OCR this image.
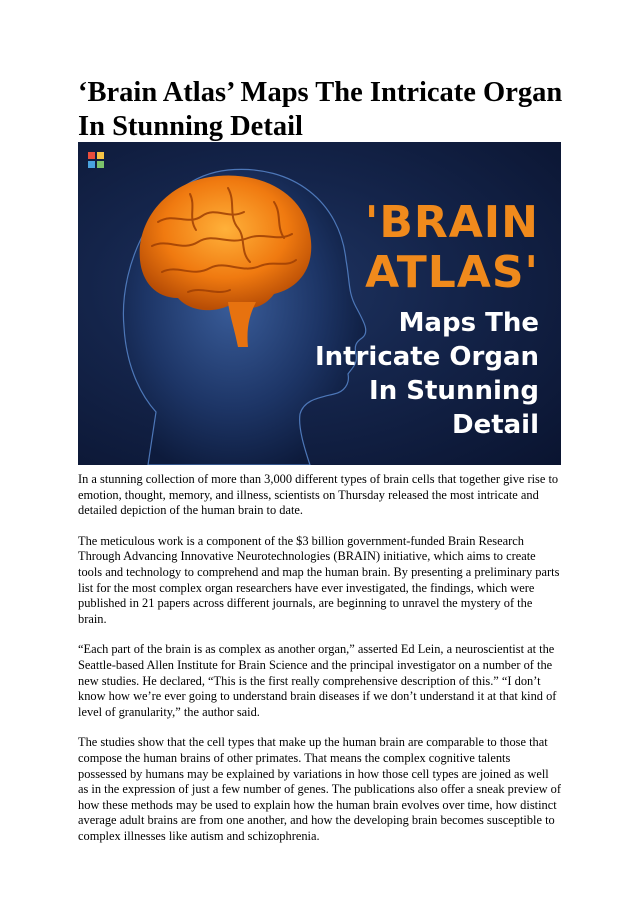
‘Brain Atlas’ Maps The Intricate Organ
In Stunning Detail
'BRAIN
ATLAS'
Maps The
Intricate Organ
In Stunning
Detail

In a stunning collection of more than 3,000 different types of brain cells that together give rise to emotion, thought, memory, and illness, scientists on Thursday released the most intricate and detailed depiction of the human brain to date.

The meticulous work is a component of the $3 billion government-funded Brain Research Through Advancing Innovative Neurotechnologies (BRAIN) initiative, which aims to create tools and technology to comprehend and map the human brain. By presenting a preliminary parts list for the most complex organ researchers have ever investigated, the findings, which were published in 21 papers across different journals, are beginning to unravel the mystery of the brain.

“Each part of the brain is as complex as another organ,” asserted Ed Lein, a neuroscientist at the Seattle-based Allen Institute for Brain Science and the principal investigator on a number of the new studies. He declared, “This is the first really comprehensive description of this.” “I don’t know how we’re ever going to understand brain diseases if we don’t understand it at that kind of level of granularity,” the author said.

The studies show that the cell types that make up the human brain are comparable to those that compose the human brains of other primates. That means the complex cognitive talents possessed by humans may be explained by variations in how those cell types are joined as well as in the expression of just a few number of genes. The publications also offer a sneak preview of how these methods may be used to explain how the human brain evolves over time, how distinct average adult brains are from one another, and how the developing brain becomes susceptible to complex illnesses like autism and schizophrenia.
